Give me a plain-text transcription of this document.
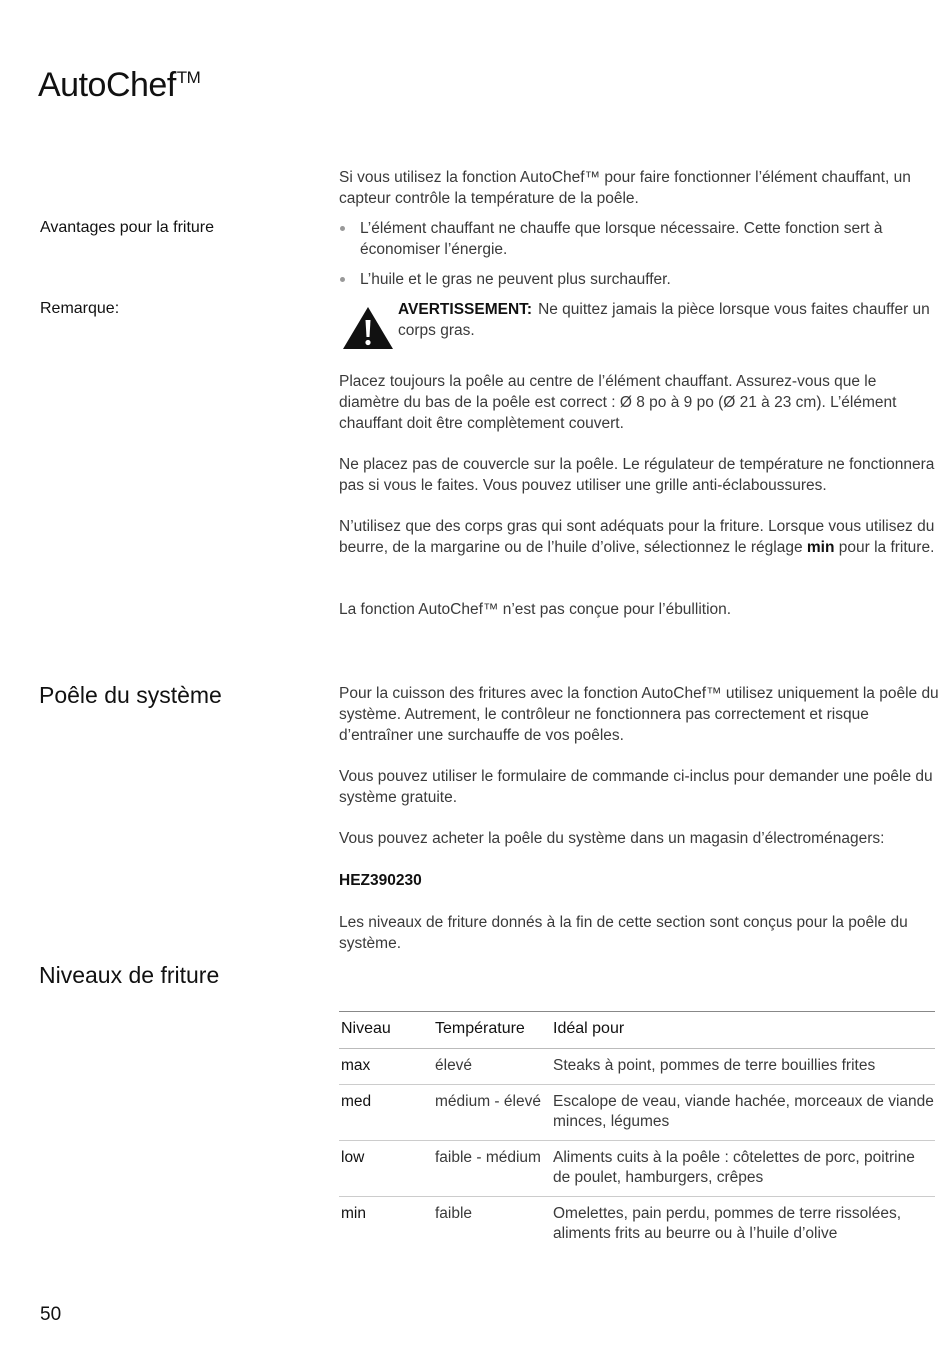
AutoChef™
Si vous utilisez la fonction AutoChef™ pour faire fonctionner l’élément chauffant, un capteur contrôle la température de la poêle.
Avantages pour la friture	L’élément chauffant ne chauffe que lorsque nécessaire. Cette fonction sert à économiser l’énergie.
L’huile et le gras ne peuvent plus surchauffer.
Remarque:	AVERTISSEMENT: Ne quittez jamais la pièce lorsque vous faites chauffer un corps gras.
Placez toujours la poêle au centre de l’élément chauffant. Assurez-vous que le diamètre du bas de la poêle est correct : Ø 8 po à 9 po (Ø 21 à 23 cm). L’élément chauffant doit être complètement couvert.
Ne placez pas de couvercle sur la poêle. Le régulateur de température ne fonctionnera pas si vous le faites. Vous pouvez utiliser une grille anti-éclaboussures.
N’utilisez que des corps gras qui sont adéquats pour la friture. Lorsque vous utilisez du beurre, de la margarine ou de l’huile d’olive, sélectionnez le réglage min pour la friture.
La fonction AutoChef™ n’est pas conçue pour l’ébullition.
Poêle du système	Pour la cuisson des fritures avec la fonction AutoChef™ utilisez uniquement la poêle du système. Autrement, le contrôleur ne fonctionnera pas correctement et risque d’entraîner une surchauffe de vos poêles.
Vous pouvez utiliser le formulaire de commande ci-inclus pour demander une poêle du système gratuite.
Vous pouvez acheter la poêle du système dans un magasin d’électroménagers:
HEZ390230
Les niveaux de friture donnés à la fin de cette section sont conçus pour la poêle du système.
Niveaux de friture
Niveau	Température	Idéal pour
max	élevé	Steaks à point, pommes de terre bouillies frites
med	médium - élevé	Escalope de veau, viande hachée, morceaux de viande minces, légumes
low	faible - médium	Aliments cuits à la poêle : côtelettes de porc, poitrine de poulet, hamburgers, crêpes
min	faible	Omelettes, pain perdu, pommes de terre rissolées, aliments frits au beurre ou à l’huile d’olive
50
